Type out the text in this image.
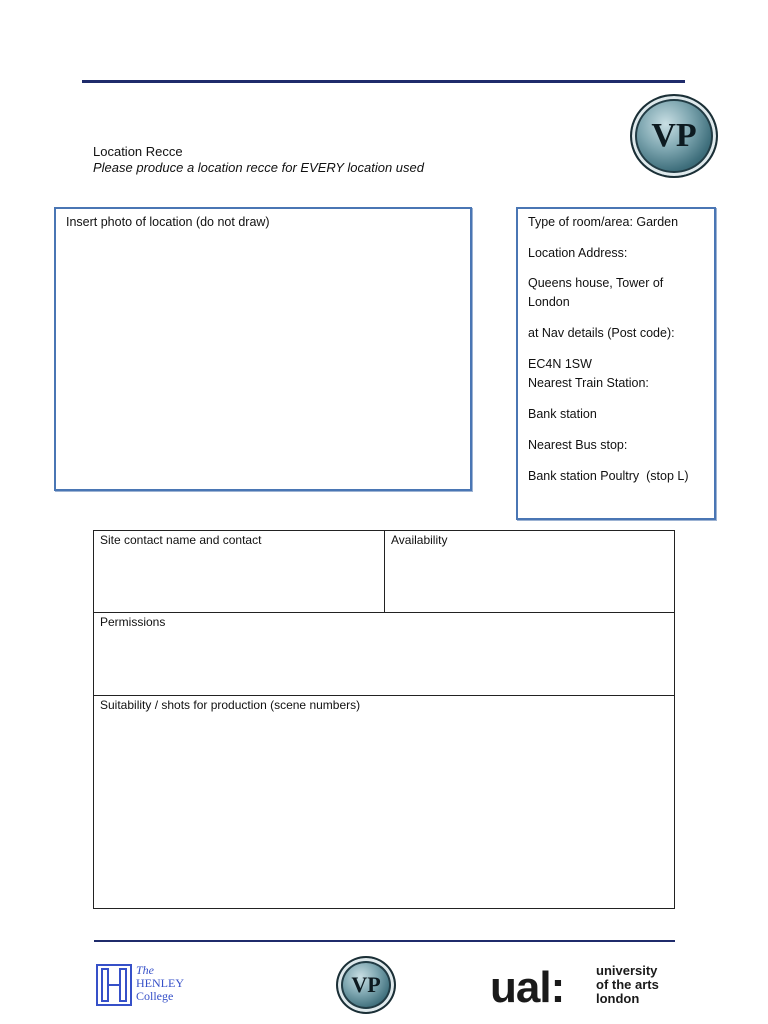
Location Recce
Please produce a location recce for EVERY location used
VP
Insert photo of location (do not draw)	Type of room/area: Garden
Location Address:
Queens house, Tower of London
at Nav details (Post code):
EC4N 1SW
Nearest Train Station:
Bank station
Nearest Bus stop:
Bank station Poultry  (stop L)
Site contact name and contact	Availability

Permissions

Suitability / shots for production (scene numbers)
The
HENLEY
College	VP ual: university
of the arts
london
